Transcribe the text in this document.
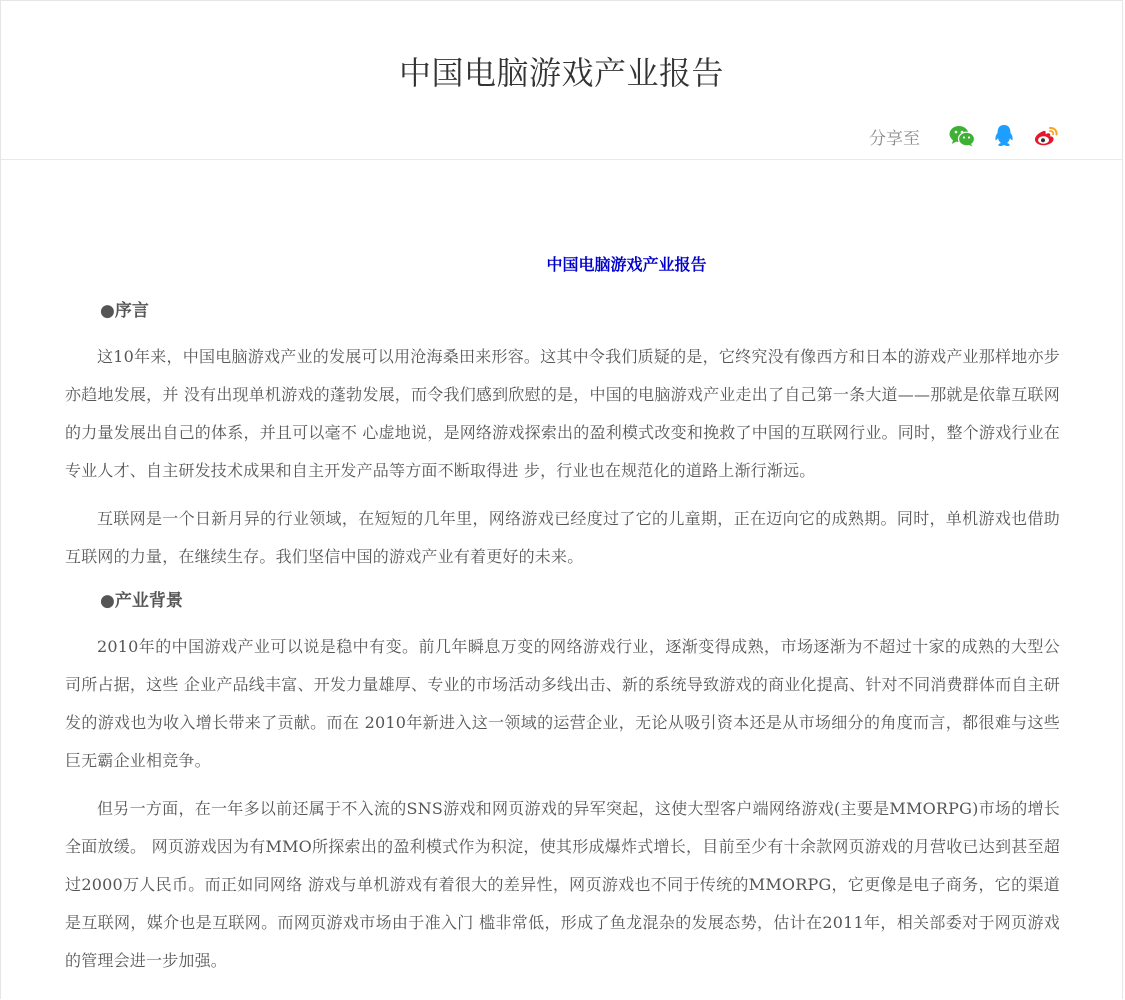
中国电脑游戏产业报告
分享至
中国电脑游戏产业报告
●序言

这10年来，中国电脑游戏产业的发展可以用沧海桑田来形容。这其中令我们质疑的是，它终究没有像西方和日本的游戏产业那样地亦步亦趋地发展，并 没有出现单机游戏的蓬勃发展，而令我们感到欣慰的是，中国的电脑游戏产业走出了自己第一条大道——那就是依靠互联网的力量发展出自己的体系，并且可以毫不 心虚地说，是网络游戏探索出的盈利模式改变和挽救了中国的互联网行业。同时，整个游戏行业在专业人才、自主研发技术成果和自主开发产品等方面不断取得进 步，行业也在规范化的道路上渐行渐远。

互联网是一个日新月异的行业领域，在短短的几年里，网络游戏已经度过了它的儿童期，正在迈向它的成熟期。同时，单机游戏也借助互联网的力量，在继续生存。我们坚信中国的游戏产业有着更好的未来。

●产业背景

2010年的中国游戏产业可以说是稳中有变。前几年瞬息万变的网络游戏行业，逐渐变得成熟，市场逐渐为不超过十家的成熟的大型公司所占据，这些 企业产品线丰富、开发力量雄厚、专业的市场活动多线出击、新的系统导致游戏的商业化提高、针对不同消费群体而自主研发的游戏也为收入增长带来了贡献。而在 2010年新进入这一领域的运营企业，无论从吸引资本还是从市场细分的角度而言，都很难与这些巨无霸企业相竞争。

但另一方面，在一年多以前还属于不入流的SNS游戏和网页游戏的异军突起，这使大型客户端网络游戏(主要是MMORPG)市场的增长全面放缓。 网页游戏因为有MMO所探索出的盈利模式作为积淀，使其形成爆炸式增长，目前至少有十余款网页游戏的月营收已达到甚至超过2000万人民币。而正如同网络 游戏与单机游戏有着很大的差异性，网页游戏也不同于传统的MMORPG，它更像是电子商务，它的渠道是互联网，媒介也是互联网。而网页游戏市场由于准入门 槛非常低，形成了鱼龙混杂的发展态势，估计在2011年，相关部委对于网页游戏的管理会进一步加强。
